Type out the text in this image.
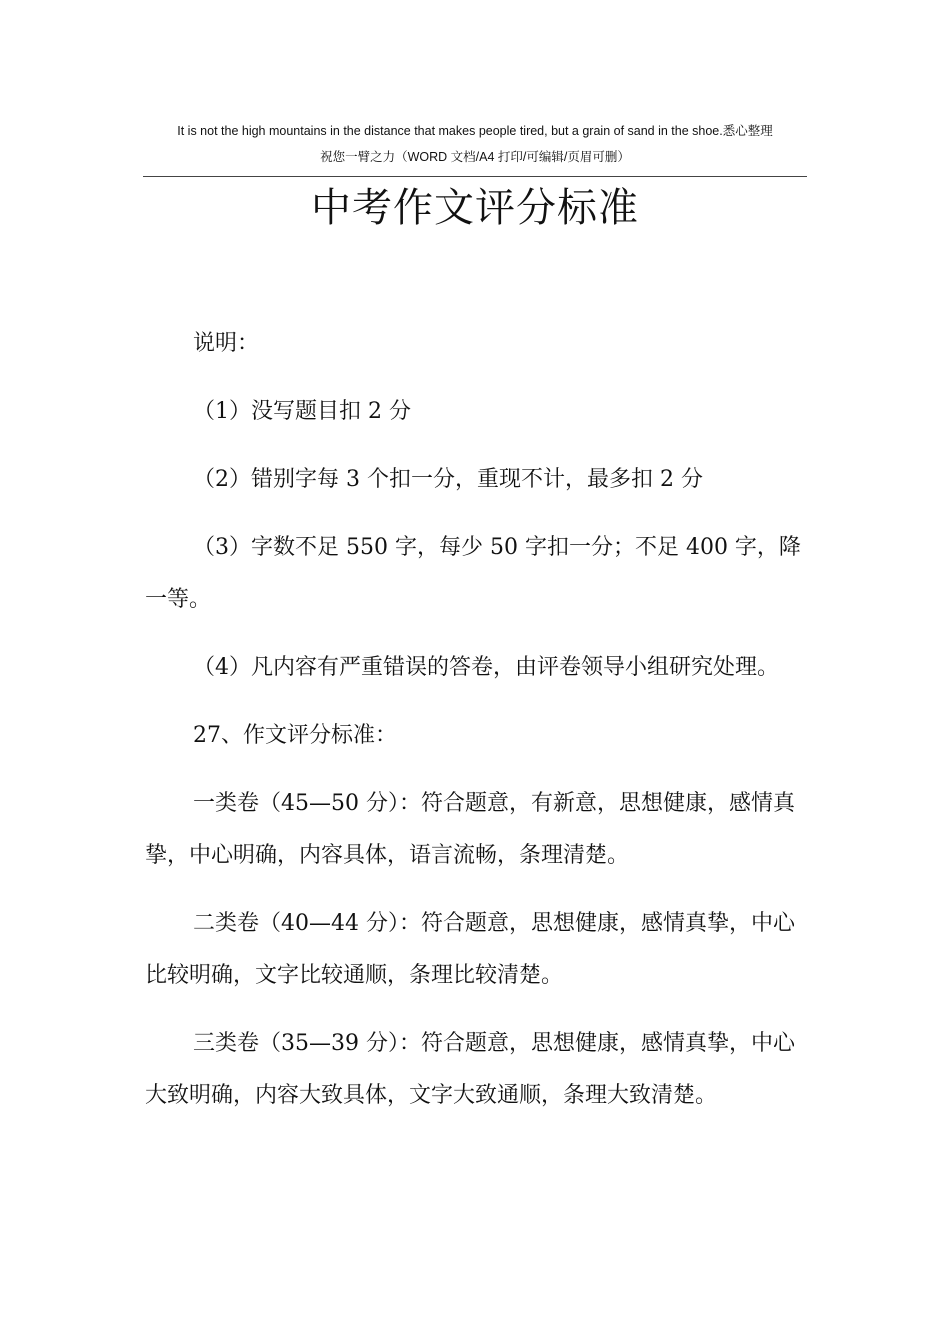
It is not the high mountains in the distance that makes people tired, but a grain of sand in the shoe.悉心整理
祝您一臂之力（WORD 文档/A4 打印/可编辑/页眉可删）
中考作文评分标准

说明：

（1）没写题目扣 2 分

（2）错别字每 3 个扣一分，重现不计，最多扣 2 分

（3）字数不足 550 字，每少 50 字扣一分；不足 400 字，降一等。

（4）凡内容有严重错误的答卷，由评卷领导小组研究处理。

27、作文评分标准：

一类卷（45—50 分）：符合题意，有新意，思想健康，感情真挚，中心明确，内容具体，语言流畅，条理清楚。

二类卷（40—44 分）：符合题意，思想健康，感情真挚，中心比较明确，文字比较通顺，条理比较清楚。

三类卷（35—39 分）：符合题意，思想健康，感情真挚，中心大致明确，内容大致具体，文字大致通顺，条理大致清楚。
